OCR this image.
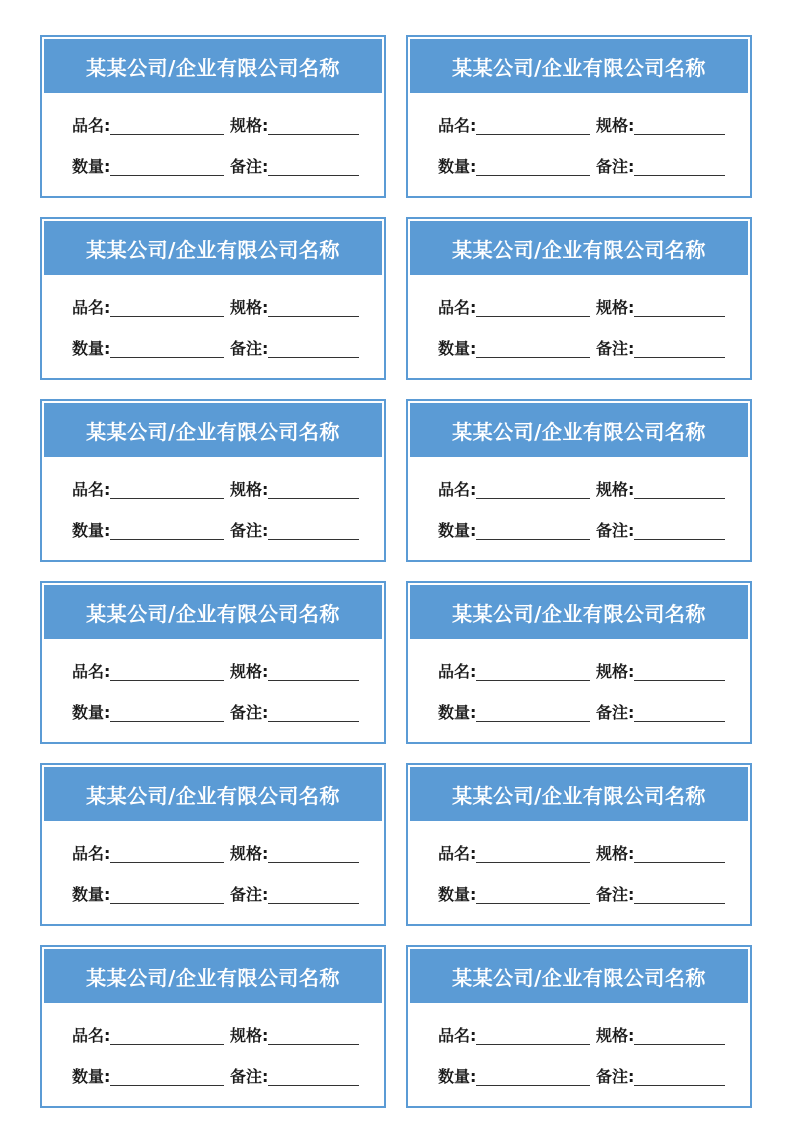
某某公司/企业有限公司名称
品名:	规格:
数量:	备注:
某某公司/企业有限公司名称
品名:	规格:
数量:	备注:
某某公司/企业有限公司名称
品名:	规格:
数量:	备注:
某某公司/企业有限公司名称
品名:	规格:
数量:	备注:
某某公司/企业有限公司名称
品名:	规格:
数量:	备注:
某某公司/企业有限公司名称
品名:	规格:
数量:	备注:
某某公司/企业有限公司名称
品名:	规格:
数量:	备注:
某某公司/企业有限公司名称
品名:	规格:
数量:	备注:
某某公司/企业有限公司名称
品名:	规格:
数量:	备注:
某某公司/企业有限公司名称
品名:	规格:
数量:	备注:
某某公司/企业有限公司名称
品名:	规格:
数量:	备注:
某某公司/企业有限公司名称
品名:	规格:
数量:	备注:
